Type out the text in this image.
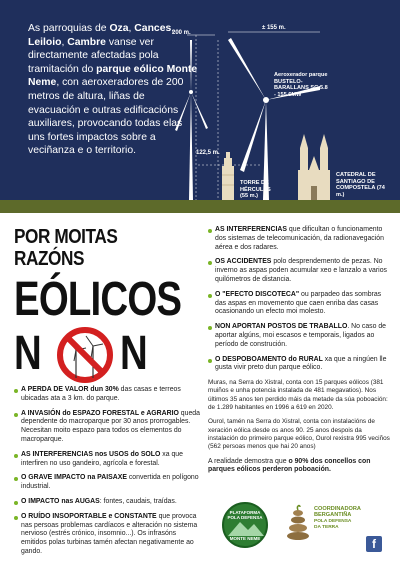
As parroquias de Oza, Cances, Leiloio, Cambre vanse ver directamente afectadas pola tramitación do parque eólico Monte Neme, con aeroxeradores de 200 metros de altura, liñas de evacuación e outras edificacións auxiliares, provocando todas elas uns fortes impactos sobre a veciñanza e o territorio.
200 m.
± 155 m.
122,5 m.
Aeroxerador parque BUSTELO-BARALLANS SG 5.8 - 155 6MW
TORRE DE HÉRCULES (55 m.)
CATEDRAL DE SANTIAGO DE COMPOSTELA (74 m.)
POR MOITAS RAZÓNS
EÓLICOS
N N
A PERDA DE VALOR dun 30% das casas e terreos ubicadas ata a 3 km. do parque.
A INVASIÓN do ESPAZO FORESTAL e AGRARIO queda dependente do macroparque por 30 anos prorrogables. Necesitan moito espazo para todos os elementos do macroparque.
AS INTERFERENCIAS nos USOS do SOLO xa que interfiren no uso gandeiro, agrícola e forestal.
O GRAVE IMPACTO na PAISAXE convertida en polígono industrial.
O IMPACTO nas AUGAS: fontes, caudais, traídas.
O RUÍDO INSOPORTABLE e CONSTANTE que provoca nas persoas problemas cardíacos e alteración no sistema nervioso (estrés crónico, insomnio...). Os infrasóns emitidos polas turbinas tamén afectan negativamente ao gando.
AS INTERFERENCIAS que dificultan o funcionamento dos sistemas de telecomunicación, da radionavegación aérea e dos radares.
OS ACCIDENTES polo desprendemento de pezas. No inverno as aspas poden acumular xeo e lanzalo a varios quilómetros de distancia.
O "EFECTO DISCOTECA" ou parpadeo das sombras das aspas en movemento que caen enriba das casas ocasionando un efecto moi molesto.
NON APORTAN POSTOS DE TRABALLO. No caso de aportar algúns, moi escasos e temporais, ligados ao período de construción.
O DESPOBOAMENTO do RURAL xa que a ningúen lle gusta vivir preto dun parque eólico.

Muras, na Serra do Xistral, conta con 15 parques eólicos (381 muiños e unha potencia instalada de 481 megavatios). Nos últimos 35 anos ten perdido máis da metade da súa poboación: de 1.289 habitantes en 1996 a 619 en 2020.

Ourol, tamén na Serra do Xistral, conta con instalacións de xeración eólica desde os anos 90. 25 anos despois da instalación do primeiro parque eólico, Ourol rexistra 995 veciños (562 persoas menos que hai 20 anos)

A realidade demostra que o 90% dos concellos con parques eólicos perderon poboación.

PLATAFORMA POLA DEFENSA
MONTE NEME
COORDINADORA
BERGANTIÑA
POLA DEFENSA
DA TERRA
f
